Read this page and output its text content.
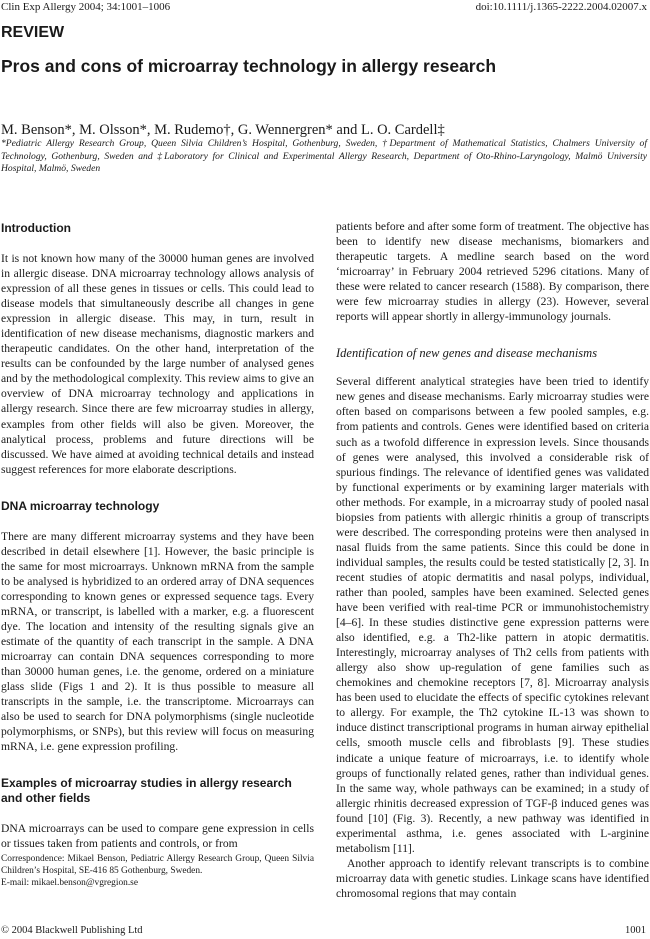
Clin Exp Allergy 2004; 34:1001–1006	doi:10.1111/j.1365-2222.2004.02007.x
REVIEW
Pros and cons of microarray technology in allergy research

M. Benson*, M. Olsson*, M. Rudemo†, G. Wennergren* and L. O. Cardell‡

*Pediatric Allergy Research Group, Queen Silvia Children’s Hospital, Gothenburg, Sweden, †Department of Mathematical Statistics, Chalmers University of Technology, Gothenburg, Sweden and ‡Laboratory for Clinical and Experimental Allergy Research, Department of Oto-Rhino-Laryngology, Malmö University Hospital, Malmö, Sweden

Introduction

It is not known how many of the 30000 human genes are involved in allergic disease. DNA microarray technology allows analysis of expression of all these genes in tissues or cells. This could lead to disease models that simultaneously describe all changes in gene expression in allergic disease. This may, in turn, result in identification of new disease mechanisms, diagnostic markers and therapeutic candidates. On the other hand, interpretation of the results can be confounded by the large number of analysed genes and by the methodological complexity. This review aims to give an overview of DNA microarray technology and applications in allergy research. Since there are few microarray studies in allergy, examples from other fields will also be given. Moreover, the analytical process, problems and future directions will be discussed. We have aimed at avoiding technical details and instead suggest references for more elaborate descriptions.

DNA microarray technology

There are many different microarray systems and they have been described in detail elsewhere [1]. However, the basic principle is the same for most microarrays. Unknown mRNA from the sample to be analysed is hybridized to an ordered array of DNA sequences corresponding to known genes or expressed sequence tags. Every mRNA, or transcript, is labelled with a marker, e.g. a fluorescent dye. The location and intensity of the resulting signals give an estimate of the quantity of each transcript in the sample. A DNA microarray can contain DNA sequences corresponding to more than 30000 human genes, i.e. the genome, ordered on a miniature glass slide (Figs 1 and 2). It is thus possible to measure all transcripts in the sample, i.e. the transcriptome. Microarrays can also be used to search for DNA polymorphisms (single nucleotide polymorphisms, or SNPs), but this review will focus on measuring mRNA, i.e. gene expression profiling.

Examples of microarray studies in allergy research and other fields

DNA microarrays can be used to compare gene expression in cells or tissues taken from patients and controls, or from

Correspondence: Mikael Benson, Pediatric Allergy Research Group, Queen Silvia Children’s Hospital, SE-416 85 Gothenburg, Sweden.

E-mail: mikael.benson@vgregion.se

patients before and after some form of treatment. The objective has been to identify new disease mechanisms, biomarkers and therapeutic targets. A medline search based on the word ‘microarray’ in February 2004 retrieved 5296 citations. Many of these were related to cancer research (1588). By comparison, there were few microarray studies in allergy (23). However, several reports will appear shortly in allergy-immunology journals.

Identification of new genes and disease mechanisms

Several different analytical strategies have been tried to identify new genes and disease mechanisms. Early microarray studies were often based on comparisons between a few pooled samples, e.g. from patients and controls. Genes were identified based on criteria such as a twofold difference in expression levels. Since thousands of genes were analysed, this involved a considerable risk of spurious findings. The relevance of identified genes was validated by functional experiments or by examining larger materials with other methods. For example, in a microarray study of pooled nasal biopsies from patients with allergic rhinitis a group of transcripts were described. The corresponding proteins were then analysed in nasal fluids from the same patients. Since this could be done in individual samples, the results could be tested statistically [2, 3]. In recent studies of atopic dermatitis and nasal polyps, individual, rather than pooled, samples have been examined. Selected genes have been verified with real-time PCR or immunohistochemistry [4–6]. In these studies distinctive gene expression patterns were also identified, e.g. a Th2-like pattern in atopic dermatitis. Interestingly, microarray analyses of Th2 cells from patients with allergy also show up-regulation of gene families such as chemokines and chemokine receptors [7, 8]. Microarray analysis has been used to elucidate the effects of specific cytokines relevant to allergy. For example, the Th2 cytokine IL-13 was shown to induce distinct transcriptional programs in human airway epithelial cells, smooth muscle cells and fibroblasts [9]. These studies indicate a unique feature of microarrays, i.e. to identify whole groups of functionally related genes, rather than individual genes. In the same way, whole pathways can be examined; in a study of allergic rhinitis decreased expression of TGF-β induced genes was found [10] (Fig. 3). Recently, a new pathway was identified in experimental asthma, i.e. genes associated with L-arginine metabolism [11].

Another approach to identify relevant transcripts is to combine microarray data with genetic studies. Linkage scans have identified chromosomal regions that may contain

© 2004 Blackwell Publishing Ltd	1001
